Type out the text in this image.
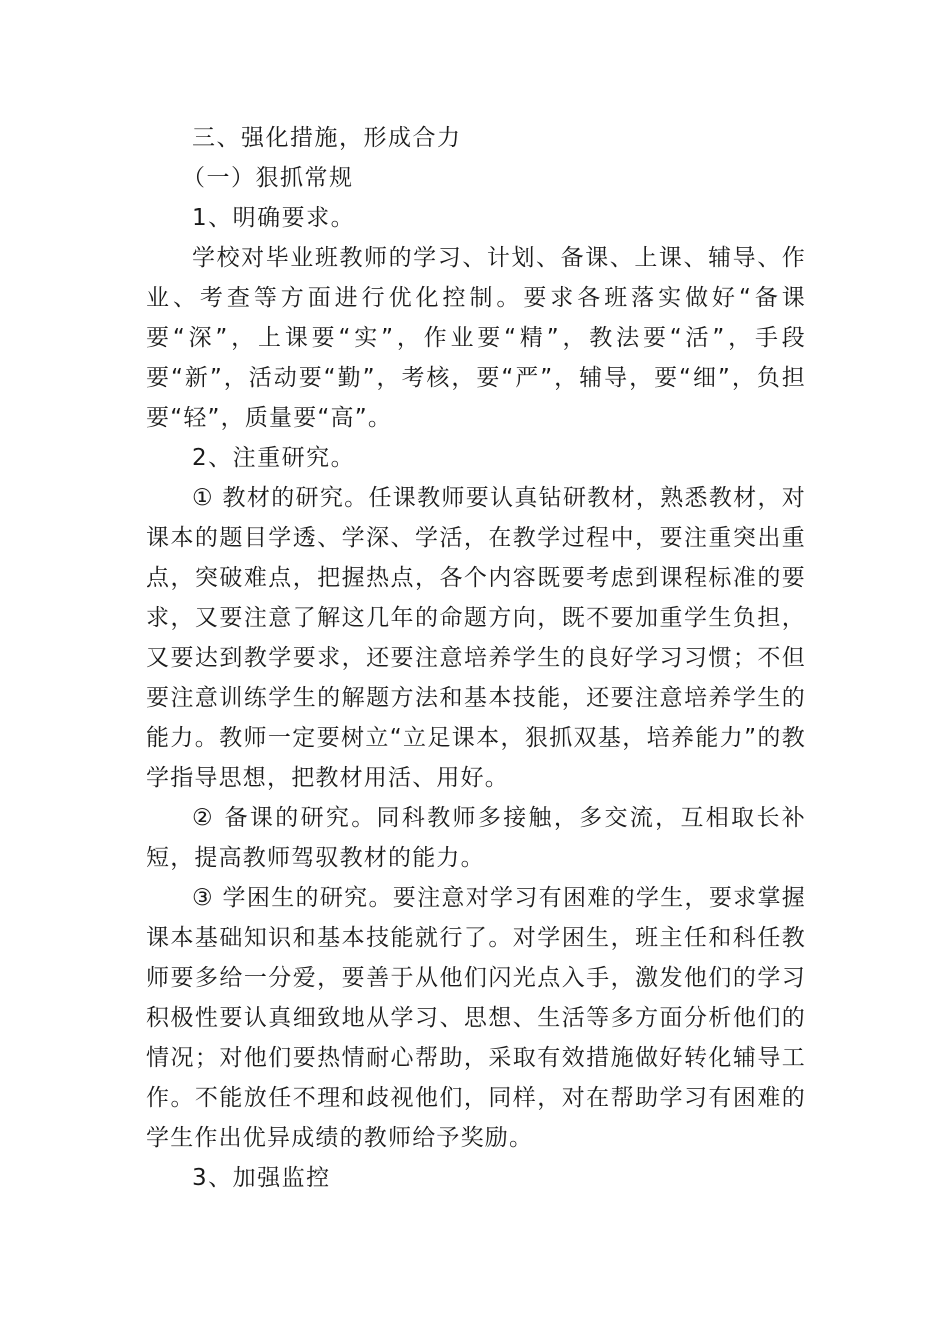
三、强化措施，形成合力

（一）狠抓常规

1、明确要求。

学校对毕业班教师的学习、计划、备课、上课、辅导、作业、考查等方面进行优化控制。要求各班落实做好“备课要“深”，上课要“实”，作业要“精”，教法要“活”，手段要“新”，活动要“勤”，考核，要“严”，辅导，要“细”，负担要“轻”，质量要“高”。

2、注重研究。

① 教材的研究。任课教师要认真钻研教材，熟悉教材，对课本的题目学透、学深、学活，在教学过程中，要注重突出重点，突破难点，把握热点，各个内容既要考虑到课程标准的要求，又要注意了解这几年的命题方向，既不要加重学生负担，又要达到教学要求，还要注意培养学生的良好学习习惯；不但要注意训练学生的解题方法和基本技能，还要注意培养学生的能力。教师一定要树立“立足课本，狠抓双基，培养能力”的教学指导思想，把教材用活、用好。

② 备课的研究。同科教师多接触，多交流，互相取长补短，提高教师驾驭教材的能力。

③ 学困生的研究。要注意对学习有困难的学生，要求掌握课本基础知识和基本技能就行了。对学困生，班主任和科任教师要多给一分爱，要善于从他们闪光点入手，激发他们的学习积极性要认真细致地从学习、思想、生活等多方面分析他们的情况；对他们要热情耐心帮助，采取有效措施做好转化辅导工作。不能放任不理和歧视他们，同样，对在帮助学习有困难的学生作出优异成绩的教师给予奖励。

3、加强监控
